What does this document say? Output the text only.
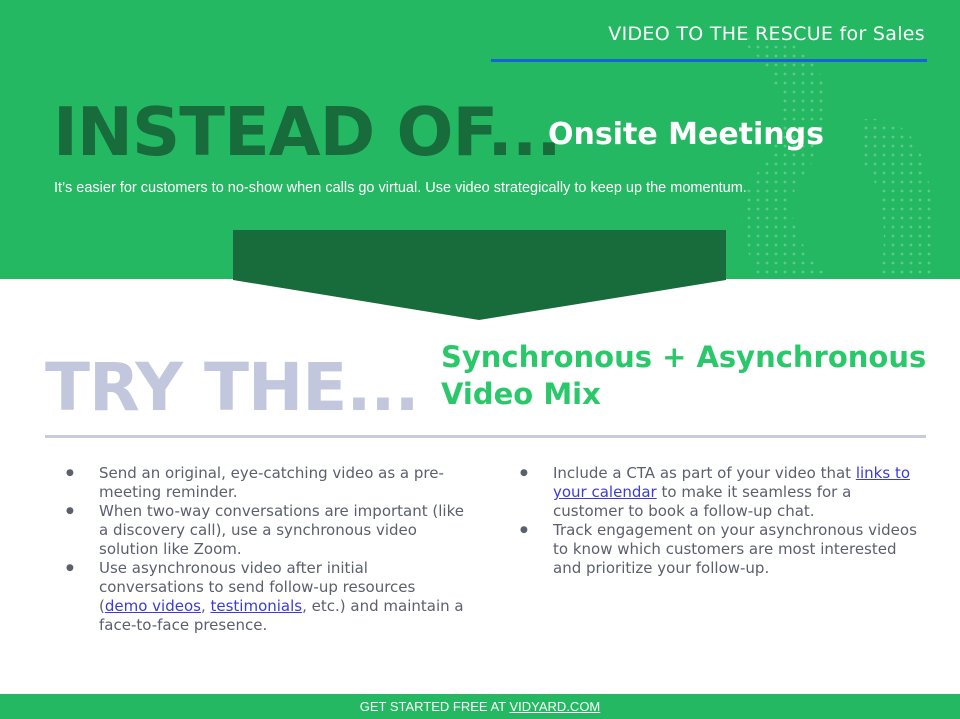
VIDEO TO THE RESCUE for Sales
INSTEAD OF...
Onsite Meetings
It’s easier for customers to no-show when calls go virtual. Use video strategically to keep up the momentum.
TRY THE... Synchronous + Asynchronous
Video Mix
● Send an original, eye-catching video as a pre-meeting reminder.
● When two-way conversations are important (like a discovery call), use a synchronous video solution like Zoom.
● Use asynchronous video after initial conversations to send follow-up resources (demo videos, testimonials, etc.) and maintain a face-to-face presence.
● Include a CTA as part of your video that links to your calendar to make it seamless for a customer to book a follow-up chat.
● Track engagement on your asynchronous videos to know which customers are most interested and prioritize your follow-up.
GET STARTED FREE AT VIDYARD.COM
